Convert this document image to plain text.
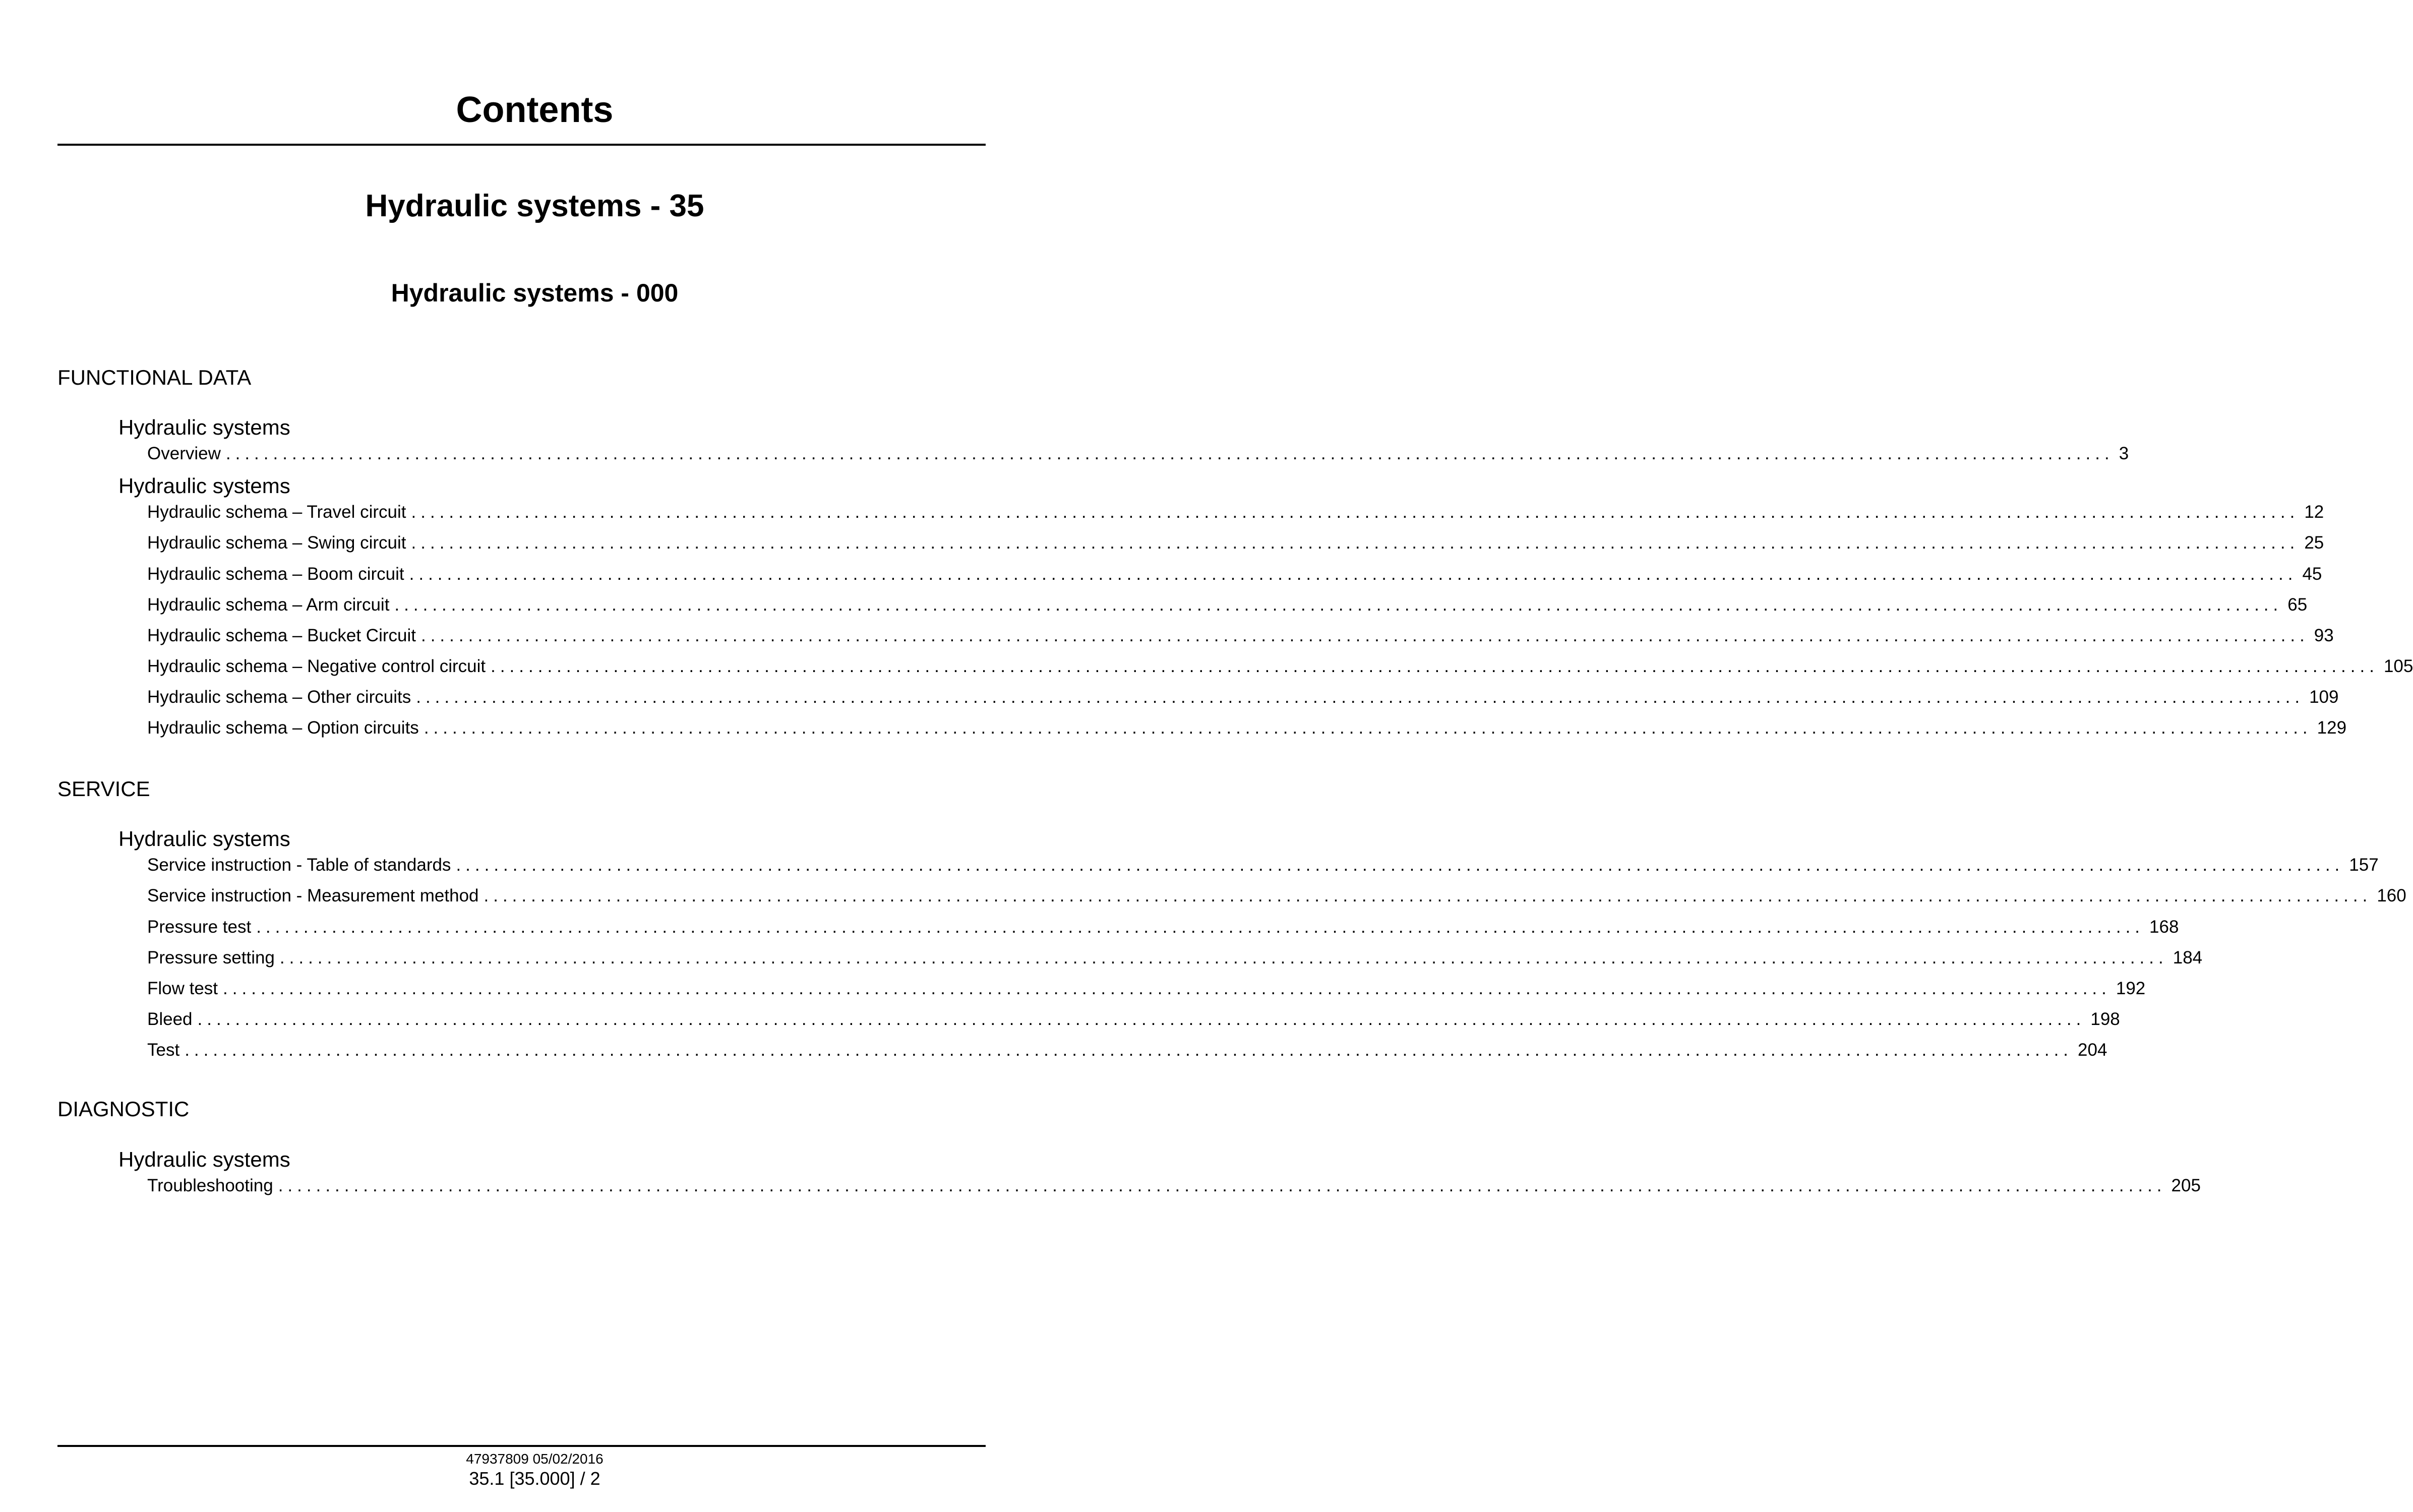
Contents
Hydraulic systems - 35
Hydraulic systems - 000
FUNCTIONAL DATA
Hydraulic systems
Overview ........................................................................................................................................................................................................ 3
Hydraulic systems
Hydraulic schema – Travel circuit ........................................................................................................................................................................................................ 12
Hydraulic schema – Swing circuit ........................................................................................................................................................................................................ 25
Hydraulic schema – Boom circuit ........................................................................................................................................................................................................ 45
Hydraulic schema – Arm circuit ........................................................................................................................................................................................................ 65
Hydraulic schema – Bucket Circuit ........................................................................................................................................................................................................ 93
Hydraulic schema – Negative control circuit ........................................................................................................................................................................................................ 105
Hydraulic schema – Other circuits ........................................................................................................................................................................................................ 109
Hydraulic schema – Option circuits ........................................................................................................................................................................................................ 129
SERVICE
Hydraulic systems
Service instruction - Table of standards ........................................................................................................................................................................................................ 157
Service instruction - Measurement method ........................................................................................................................................................................................................ 160
Pressure test ........................................................................................................................................................................................................ 168
Pressure setting ........................................................................................................................................................................................................ 184
Flow test ........................................................................................................................................................................................................ 192
Bleed ........................................................................................................................................................................................................ 198
Test ........................................................................................................................................................................................................ 204
DIAGNOSTIC
Hydraulic systems
Troubleshooting ........................................................................................................................................................................................................ 205
47937809 05/02/2016
35.1 [35.000] / 2
